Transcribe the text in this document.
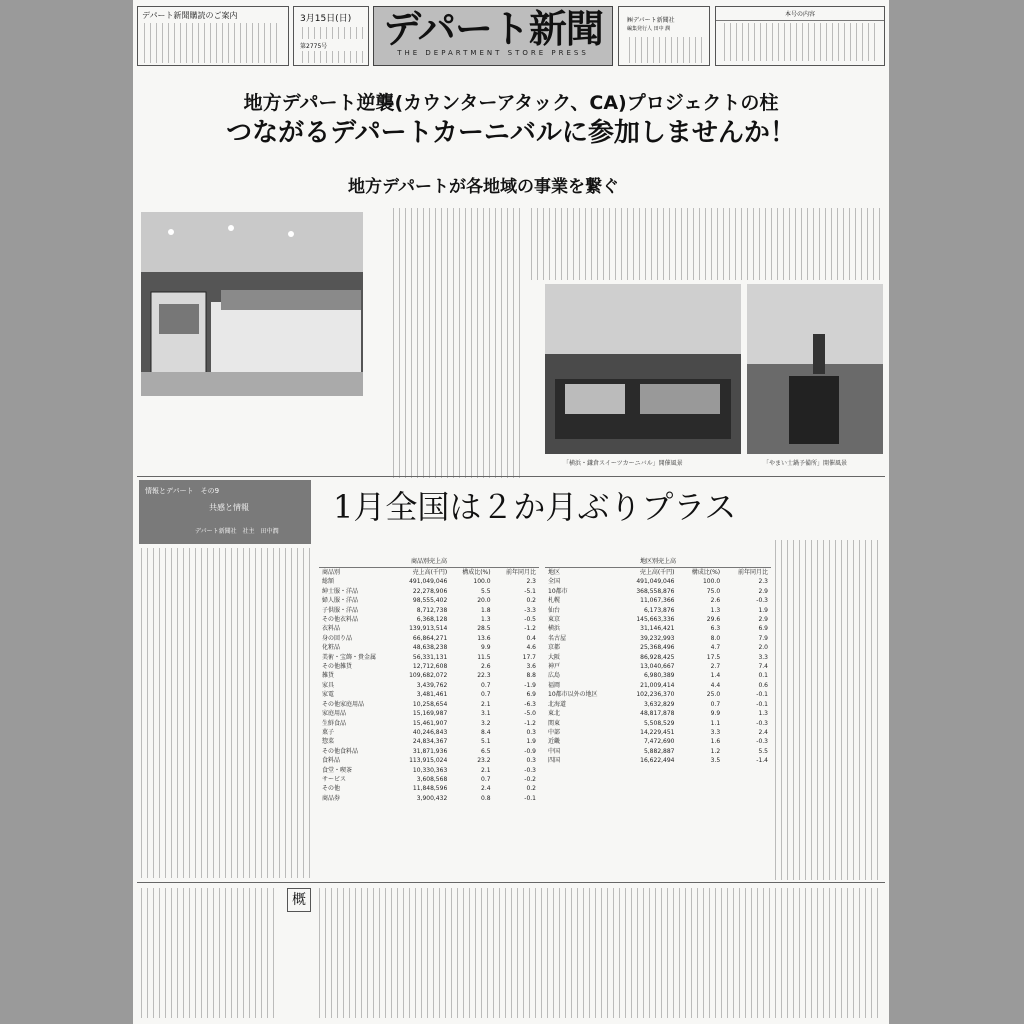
デパート新聞購読のご案内	3月15日(日)
第2775号 デパート新聞
THE DEPARTMENT STORE PRESS
㈱デパート新聞社
編集発行人 田中 潤
本号の内容
地方デパート逆襲(カウンターアタック、CA)プロジェクトの柱
つながるデパートカーニバルに参加しませんか！
地方デパートが各地域の事業を繋ぐ
「横浜・鎌倉スイーツカーニバル」開催風景	「やまい士鍋予備所」開催風景
情報とデパート　その9
共感と情報
デパート新聞社　社主　田中潤
1月全国は２か月ぶりプラス
商品別売上高
商品別	売上高(千円)	構成比(%)	前年同月比
総額	491,049,046	100.0	2.3
紳士服・洋品	22,278,906	5.5	-5.1
婦人服・洋品	98,555,402	20.0	0.2
子供服・洋品	8,712,738	1.8	-3.3
その他衣料品	6,368,128	1.3	-0.5
衣料品	139,913,514	28.5	-1.2
身の回り品	66,864,271	13.6	0.4
化粧品	48,638,238	9.9	4.6
美術・宝飾・貴金属	56,331,131	11.5	17.7
その他雑貨	12,712,608	2.6	3.6
雑貨	109,682,072	22.3	8.8
家具	3,439,762	0.7	-1.9
家電	3,481,461	0.7	6.9
その他家庭用品	10,258,654	2.1	-6.3
家庭用品	15,169,987	3.1	-5.0
生鮮食品	15,461,907	3.2	-1.2
菓子	40,246,843	8.4	0.3
惣菜	24,834,367	5.1	1.9
その他食料品	31,871,936	6.5	-0.9
食料品	113,915,024	23.2	0.3
食堂・喫茶	10,330,363	2.1	-0.3
サービス	3,608,568	0.7	-0.2
その他	11,848,596	2.4	0.2
商品券	3,900,432	0.8	-0.1
地区別売上高
地区	売上高(千円)	構成比(%)	前年同月比
全国	491,049,046	100.0	2.3
10都市	368,558,876	75.0	2.9
札幌	11,067,366	2.6	-0.3
仙台	6,173,876	1.3	1.9
東京	145,663,336	29.6	2.9
横浜	31,146,421	6.3	6.9
名古屋	39,232,993	8.0	7.9
京都	25,368,496	4.7	2.0
大阪	86,928,425	17.5	3.3
神戸	13,040,667	2.7	7.4
広島	6,980,389	1.4	0.1
福岡	21,009,414	4.4	0.6
10都市以外の地区	102,236,370	25.0	-0.1
北海道	3,632,829	0.7	-0.1
東北	48,817,878	9.9	1.3
関東	5,508,529	1.1	-0.3
中部	14,229,451	3.3	2.4
近畿	7,472,690	1.6	-0.3
中国	5,882,887	1.2	5.5
四国	16,622,494	3.5	-1.4
概
